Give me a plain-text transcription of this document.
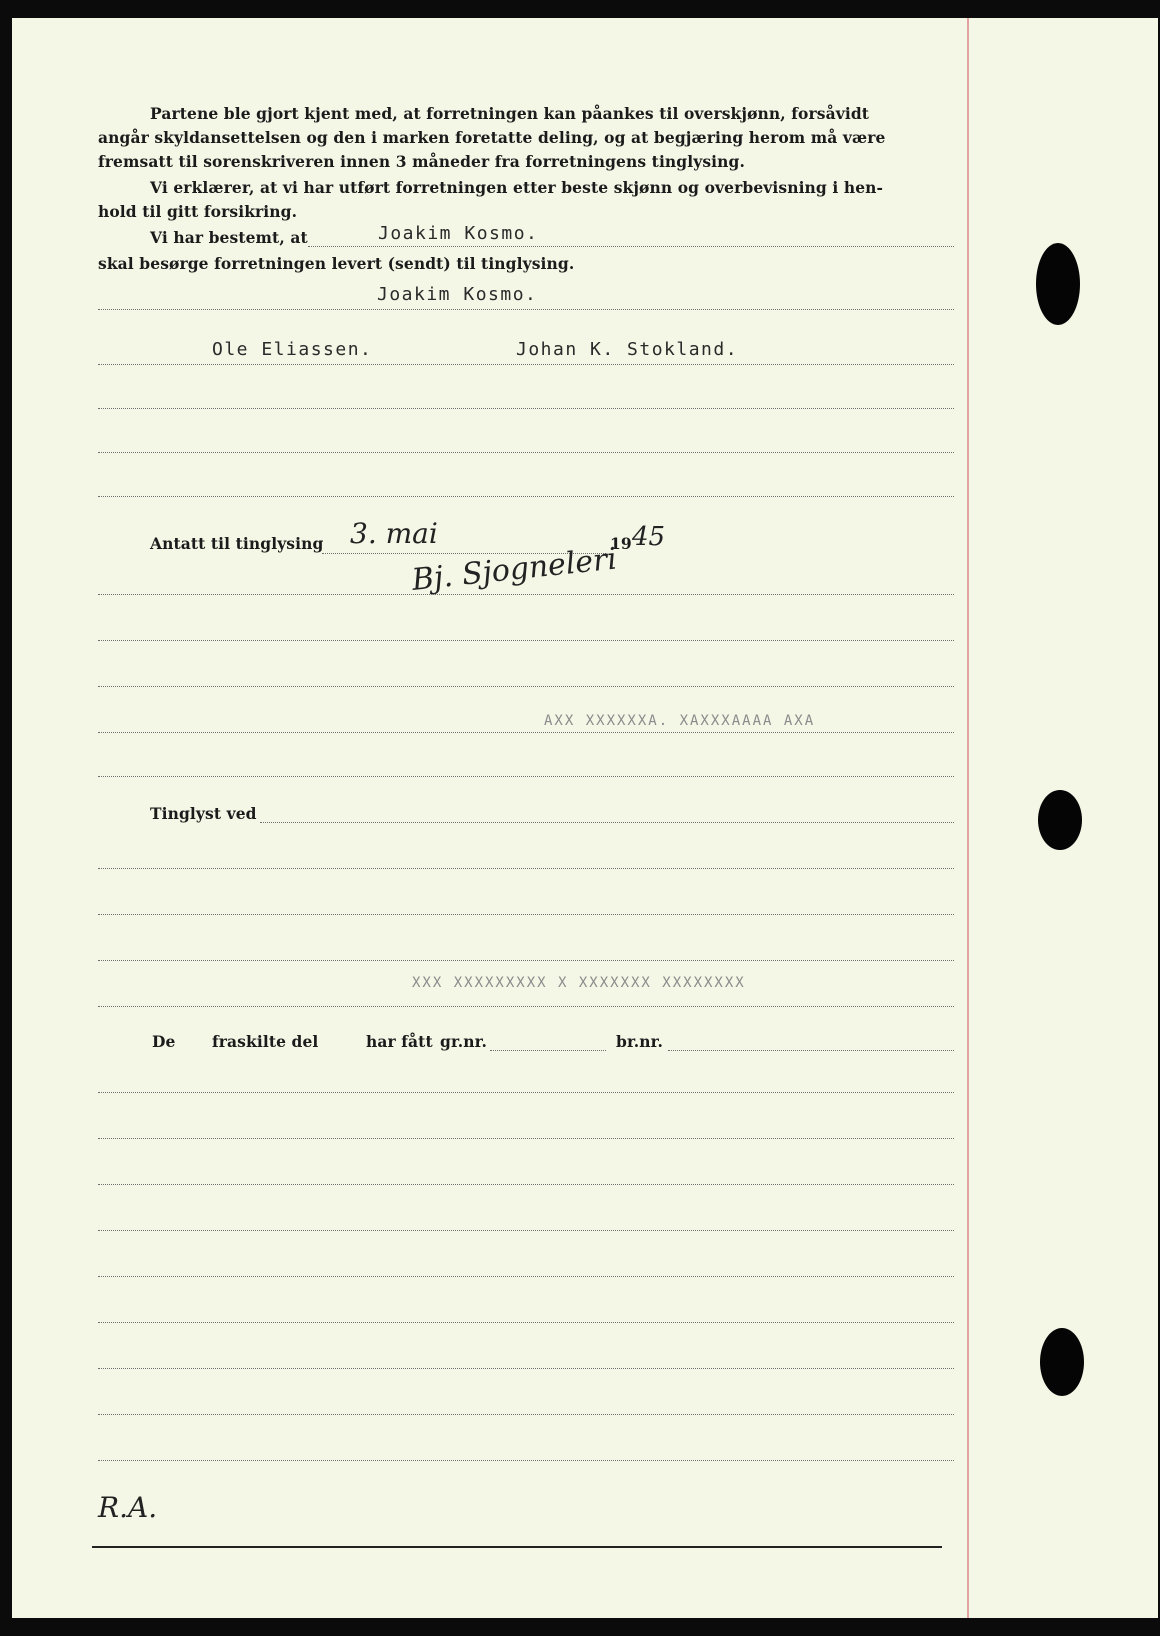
Partene ble gjort kjent med, at forretningen kan påankes til overskjønn, forsåvidt
angår skyldansettelsen og den i marken foretatte deling, og at begjæring herom må være
fremsatt til sorenskriveren innen 3 måneder fra forretningens tinglysing.
Vi erklærer, at vi har utført forretningen etter beste skjønn og overbevisning i hen-
hold til gitt forsikring.
Vi har bestemt, at	Joakim Kosmo.
skal besørge forretningen levert (sendt) til tinglysing.
Joakim Kosmo.
Ole Eliassen.	Johan K. Stokland.
Antatt til tinglysing 3. mai	19 45
Bj. Sjogneleri
AXX XXXXXXA. XAXXXAAAA AXA
Tinglyst ved
XXX XXXXXXXXX X XXXXXXX XXXXXXXX
De fraskilte del	har fått gr.nr.	br.nr.
R.A.
